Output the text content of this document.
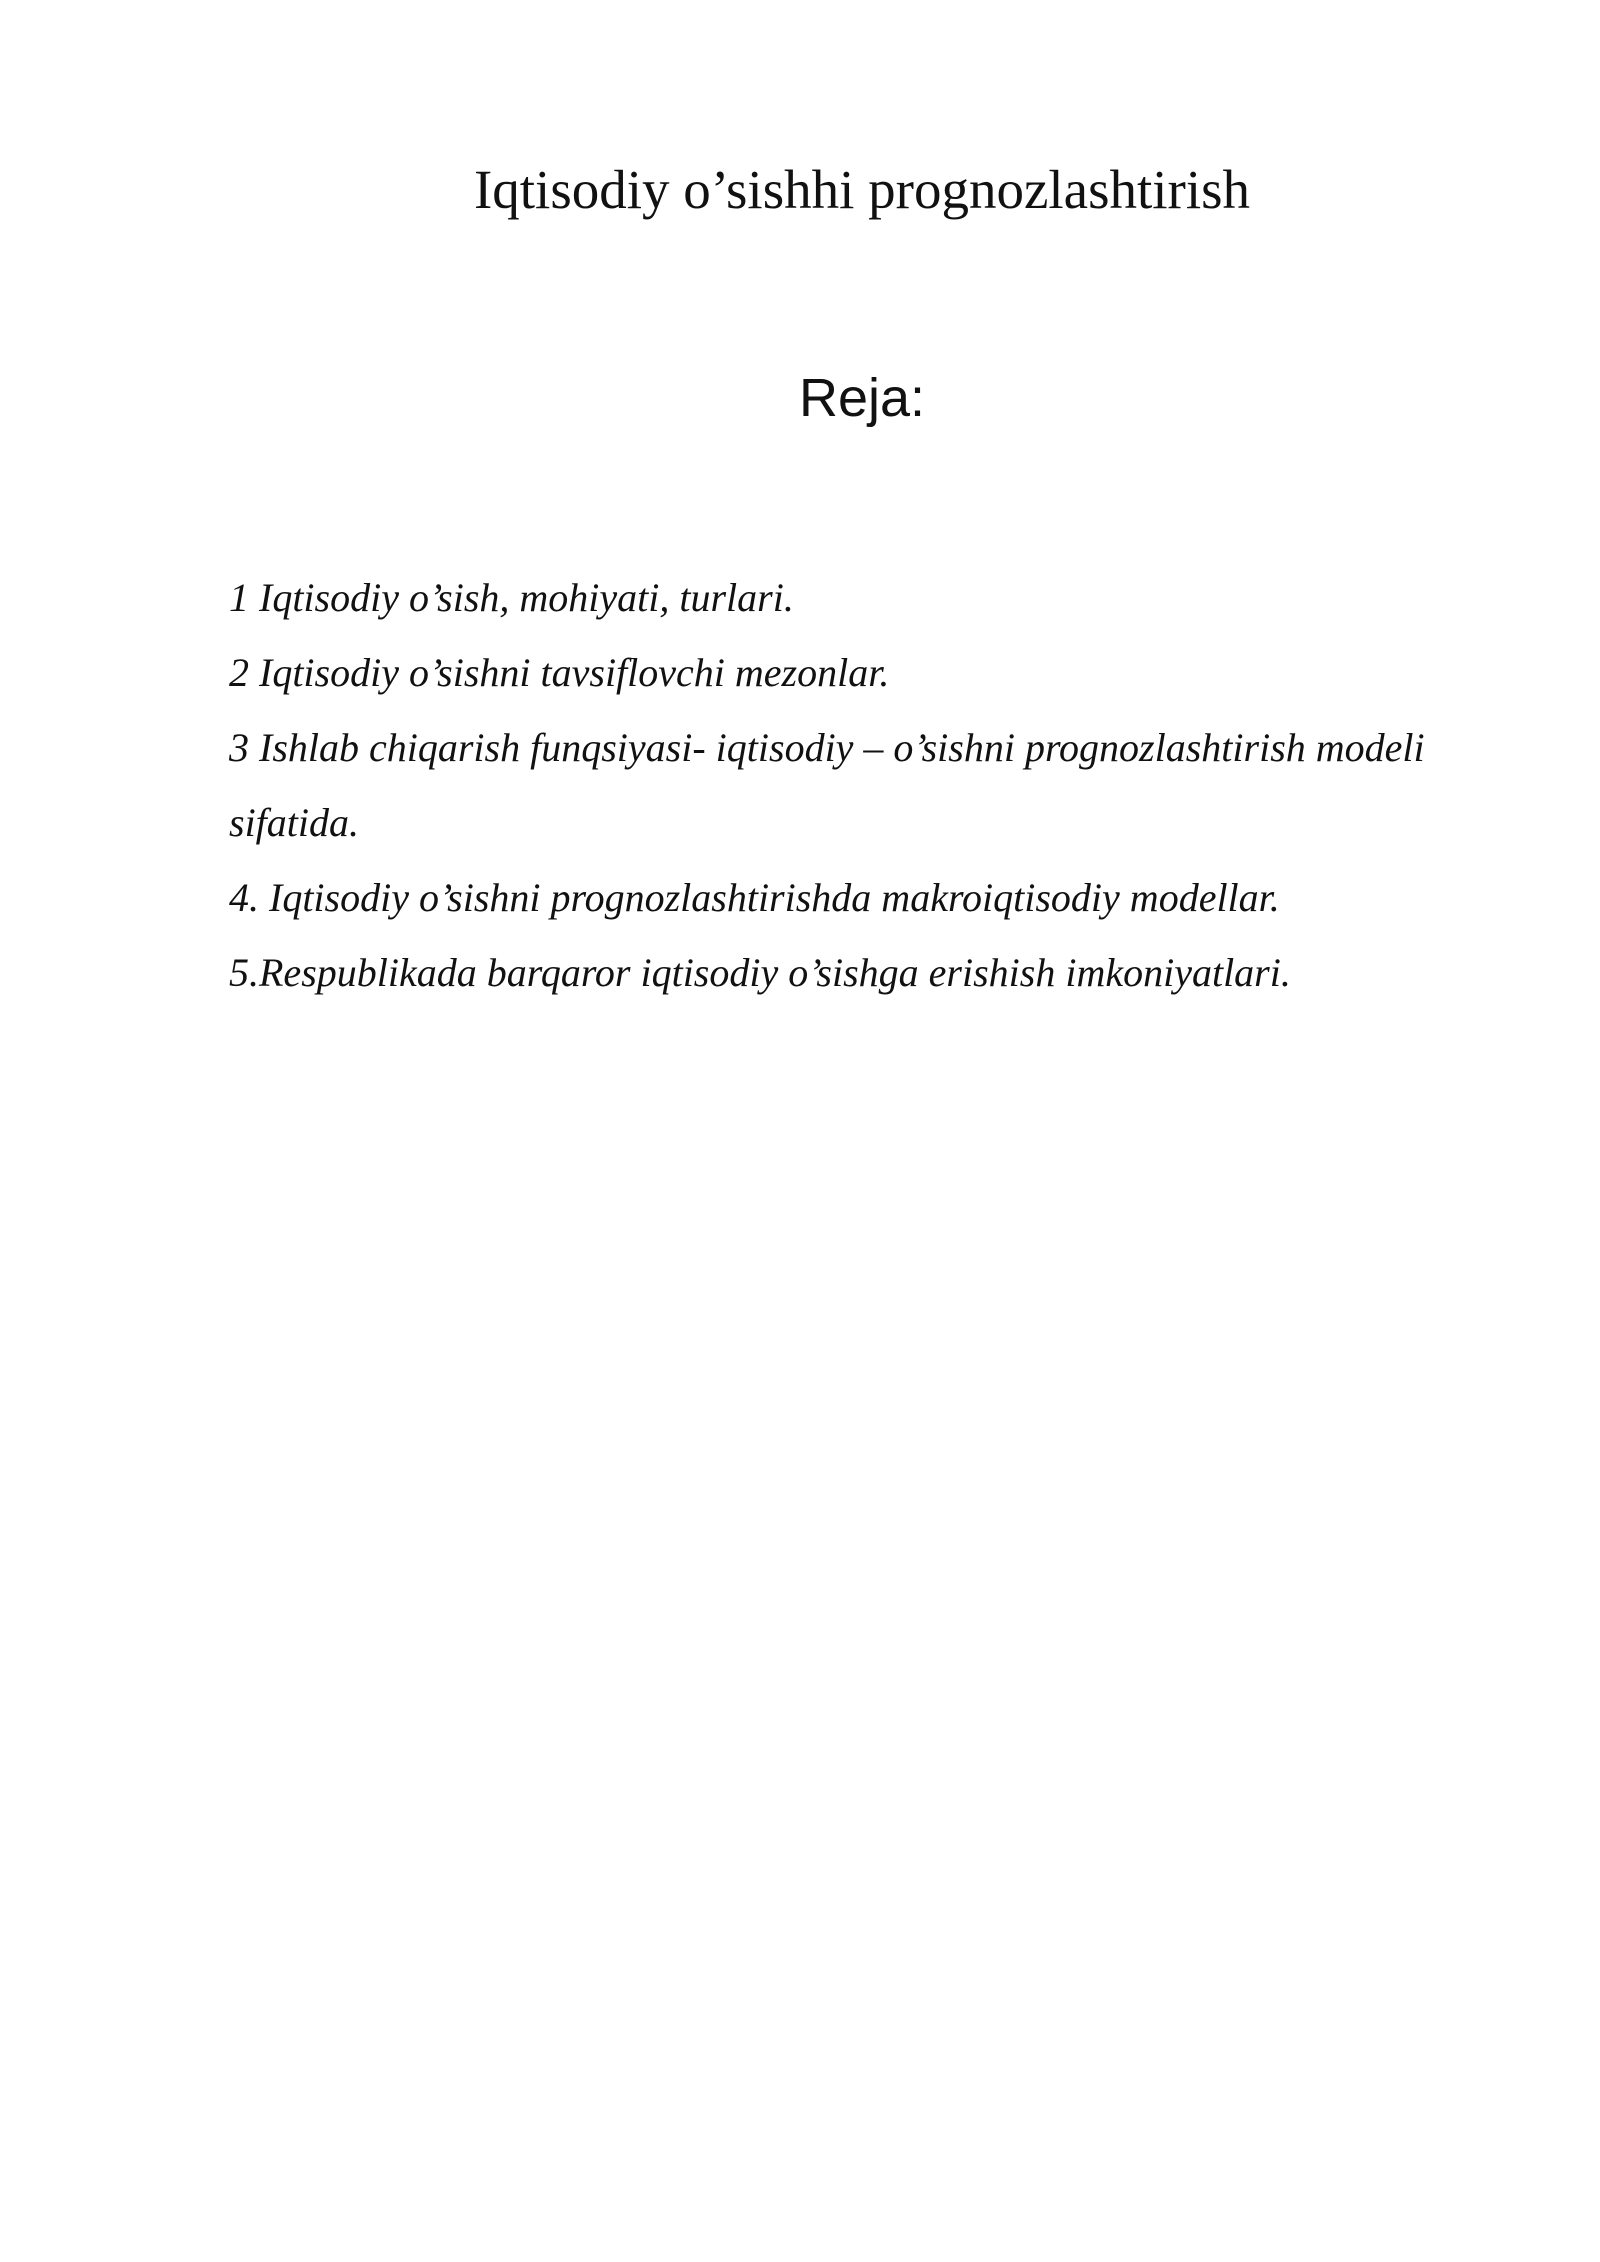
Iqtisodiy o’sishhi prognozlashtirish
Reja:
1 Iqtisodiy o’sish, mohiyati, turlari.
2 Iqtisodiy o’sishni tavsiflovchi mezonlar.
3 Ishlab chiqarish funqsiyasi- iqtisodiy – o’sishni prognozlashtirish modeli sifatida.
4. Iqtisodiy o’sishni prognozlashtirishda makroiqtisodiy modellar.
5.Respublikada barqaror iqtisodiy o’sishga erishish imkoniyatlari.
